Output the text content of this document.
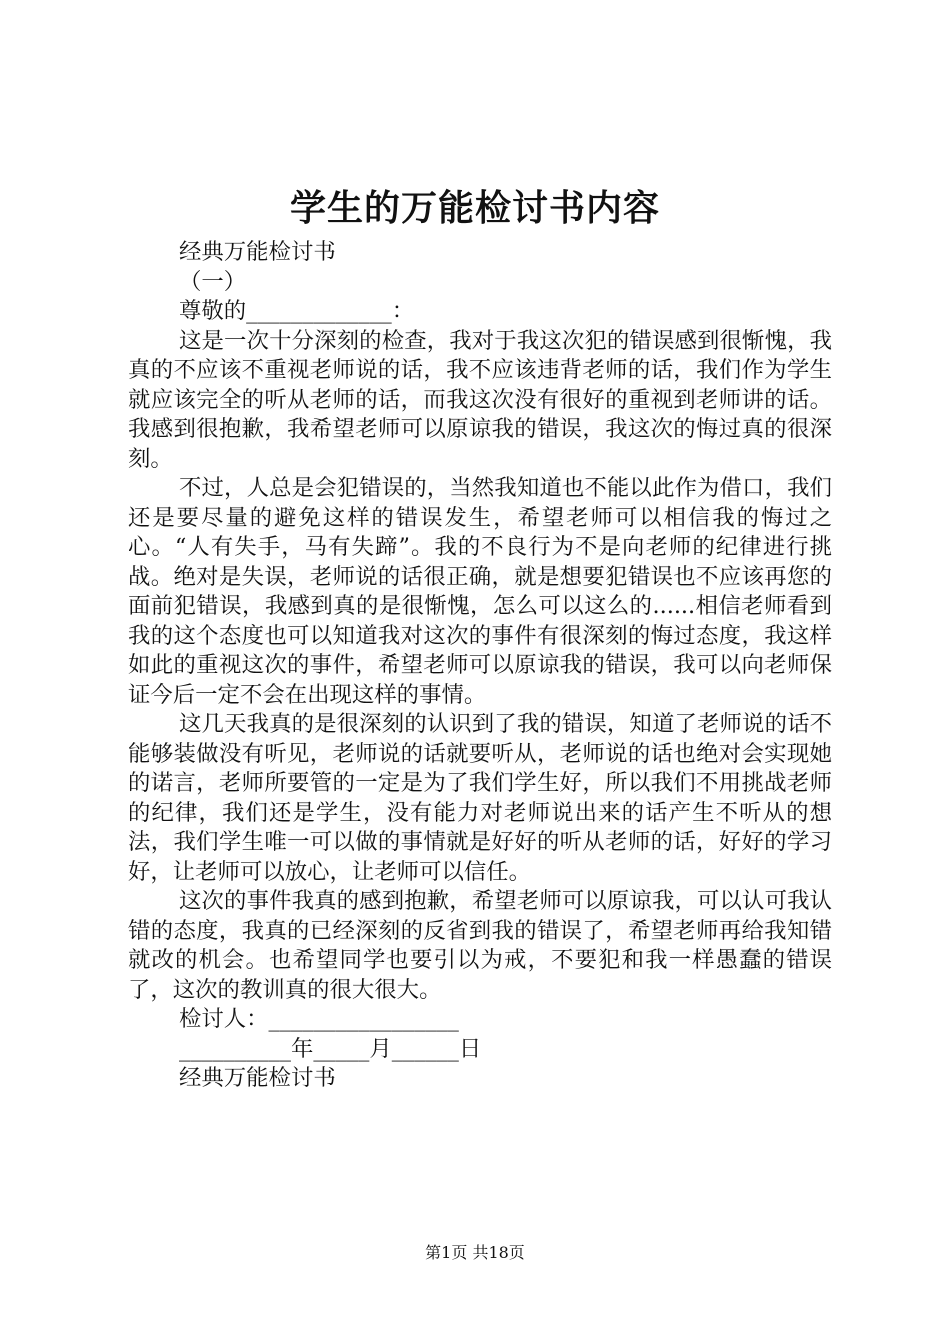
学生的万能检讨书内容
经典万能检讨书
（一）
尊敬的_____________：

这是一次十分深刻的检查，我对于我这次犯的错误感到很惭愧，我真的不应该不重视老师说的话，我不应该违背老师的话，我们作为学生就应该完全的听从老师的话，而我这次没有很好的重视到老师讲的话。我感到很抱歉，我希望老师可以原谅我的错误，我这次的悔过真的很深刻。

不过，人总是会犯错误的，当然我知道也不能以此作为借口，我们还是要尽量的避免这样的错误发生，希望老师可以相信我的悔过之心。“人有失手，马有失蹄”。我的不良行为不是向老师的纪律进行挑战。绝对是失误，老师说的话很正确，就是想要犯错误也不应该再您的面前犯错误，我感到真的是很惭愧，怎么可以这么的......相信老师看到我的这个态度也可以知道我对这次的事件有很深刻的悔过态度，我这样如此的重视这次的事件，希望老师可以原谅我的错误，我可以向老师保证今后一定不会在出现这样的事情。

这几天我真的是很深刻的认识到了我的错误，知道了老师说的话不能够装做没有听见，老师说的话就要听从，老师说的话也绝对会实现她的诺言，老师所要管的一定是为了我们学生好，所以我们不用挑战老师的纪律，我们还是学生，没有能力对老师说出来的话产生不听从的想法，我们学生唯一可以做的事情就是好好的听从老师的话，好好的学习好，让老师可以放心，让老师可以信任。

这次的事件我真的感到抱歉，希望老师可以原谅我，可以认可我认错的态度，我真的已经深刻的反省到我的错误了，希望老师再给我知错就改的机会。也希望同学也要引以为戒，不要犯和我一样愚蠢的错误了，这次的教训真的很大很大。

检讨人：_________________
__________年_____月______日
经典万能检讨书
第1页 共18页
